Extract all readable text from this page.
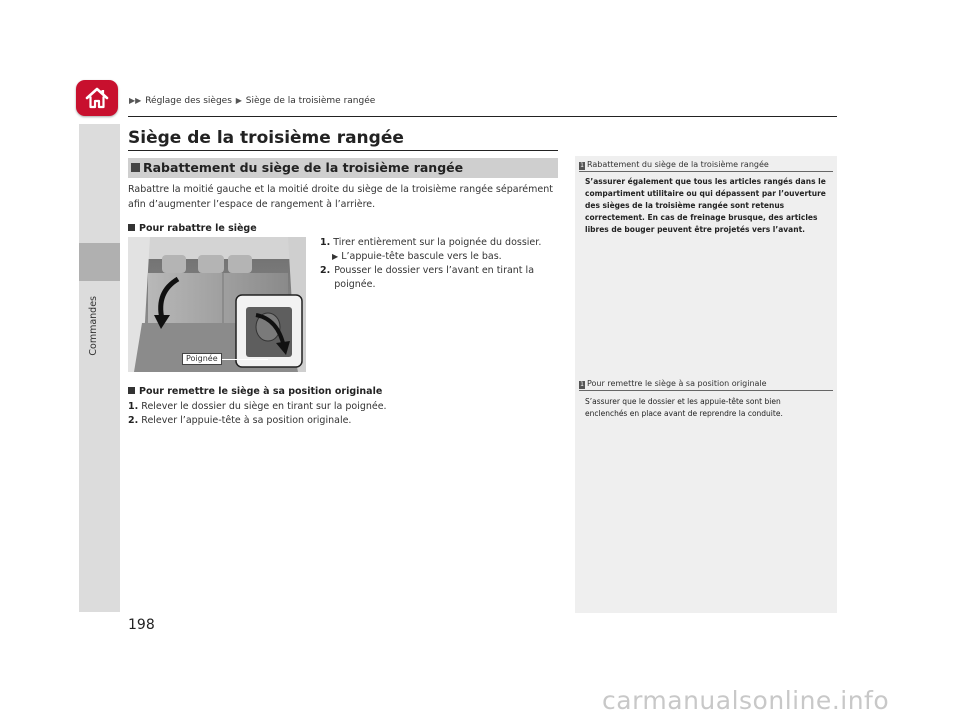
Commandes
▶▶ Réglage des sièges ▶ Siège de la troisième rangée
Siège de la troisième rangée
Rabattement du siège de la troisième rangée
Rabattre la moitié gauche et la moitié droite du siège de la troisième rangée séparément afin d’augmenter l’espace de rangement à l’arrière.
Pour rabattre le siège
Poignée
1. Tirer entièrement sur la poignée du dossier.
▶ L’appuie-tête bascule vers le bas.
2. Pousser le dossier vers l’avant en tirant la poignée.
Pour remettre le siège à sa position originale
1. Relever le dossier du siège en tirant sur la poignée.
2. Relever l’appuie-tête à sa position originale.
1 Rabattement du siège de la troisième rangée
S’assurer également que tous les articles rangés dans le compartiment utilitaire ou qui dépassent par l’ouverture des sièges de la troisième rangée sont retenus correctement. En cas de freinage brusque, des articles libres de bouger peuvent être projetés vers l’avant.
1 Pour remettre le siège à sa position originale
S’assurer que le dossier et les appuie-tête sont bien enclenchés en place avant de reprendre la conduite.
198
carmanualsonline.info
